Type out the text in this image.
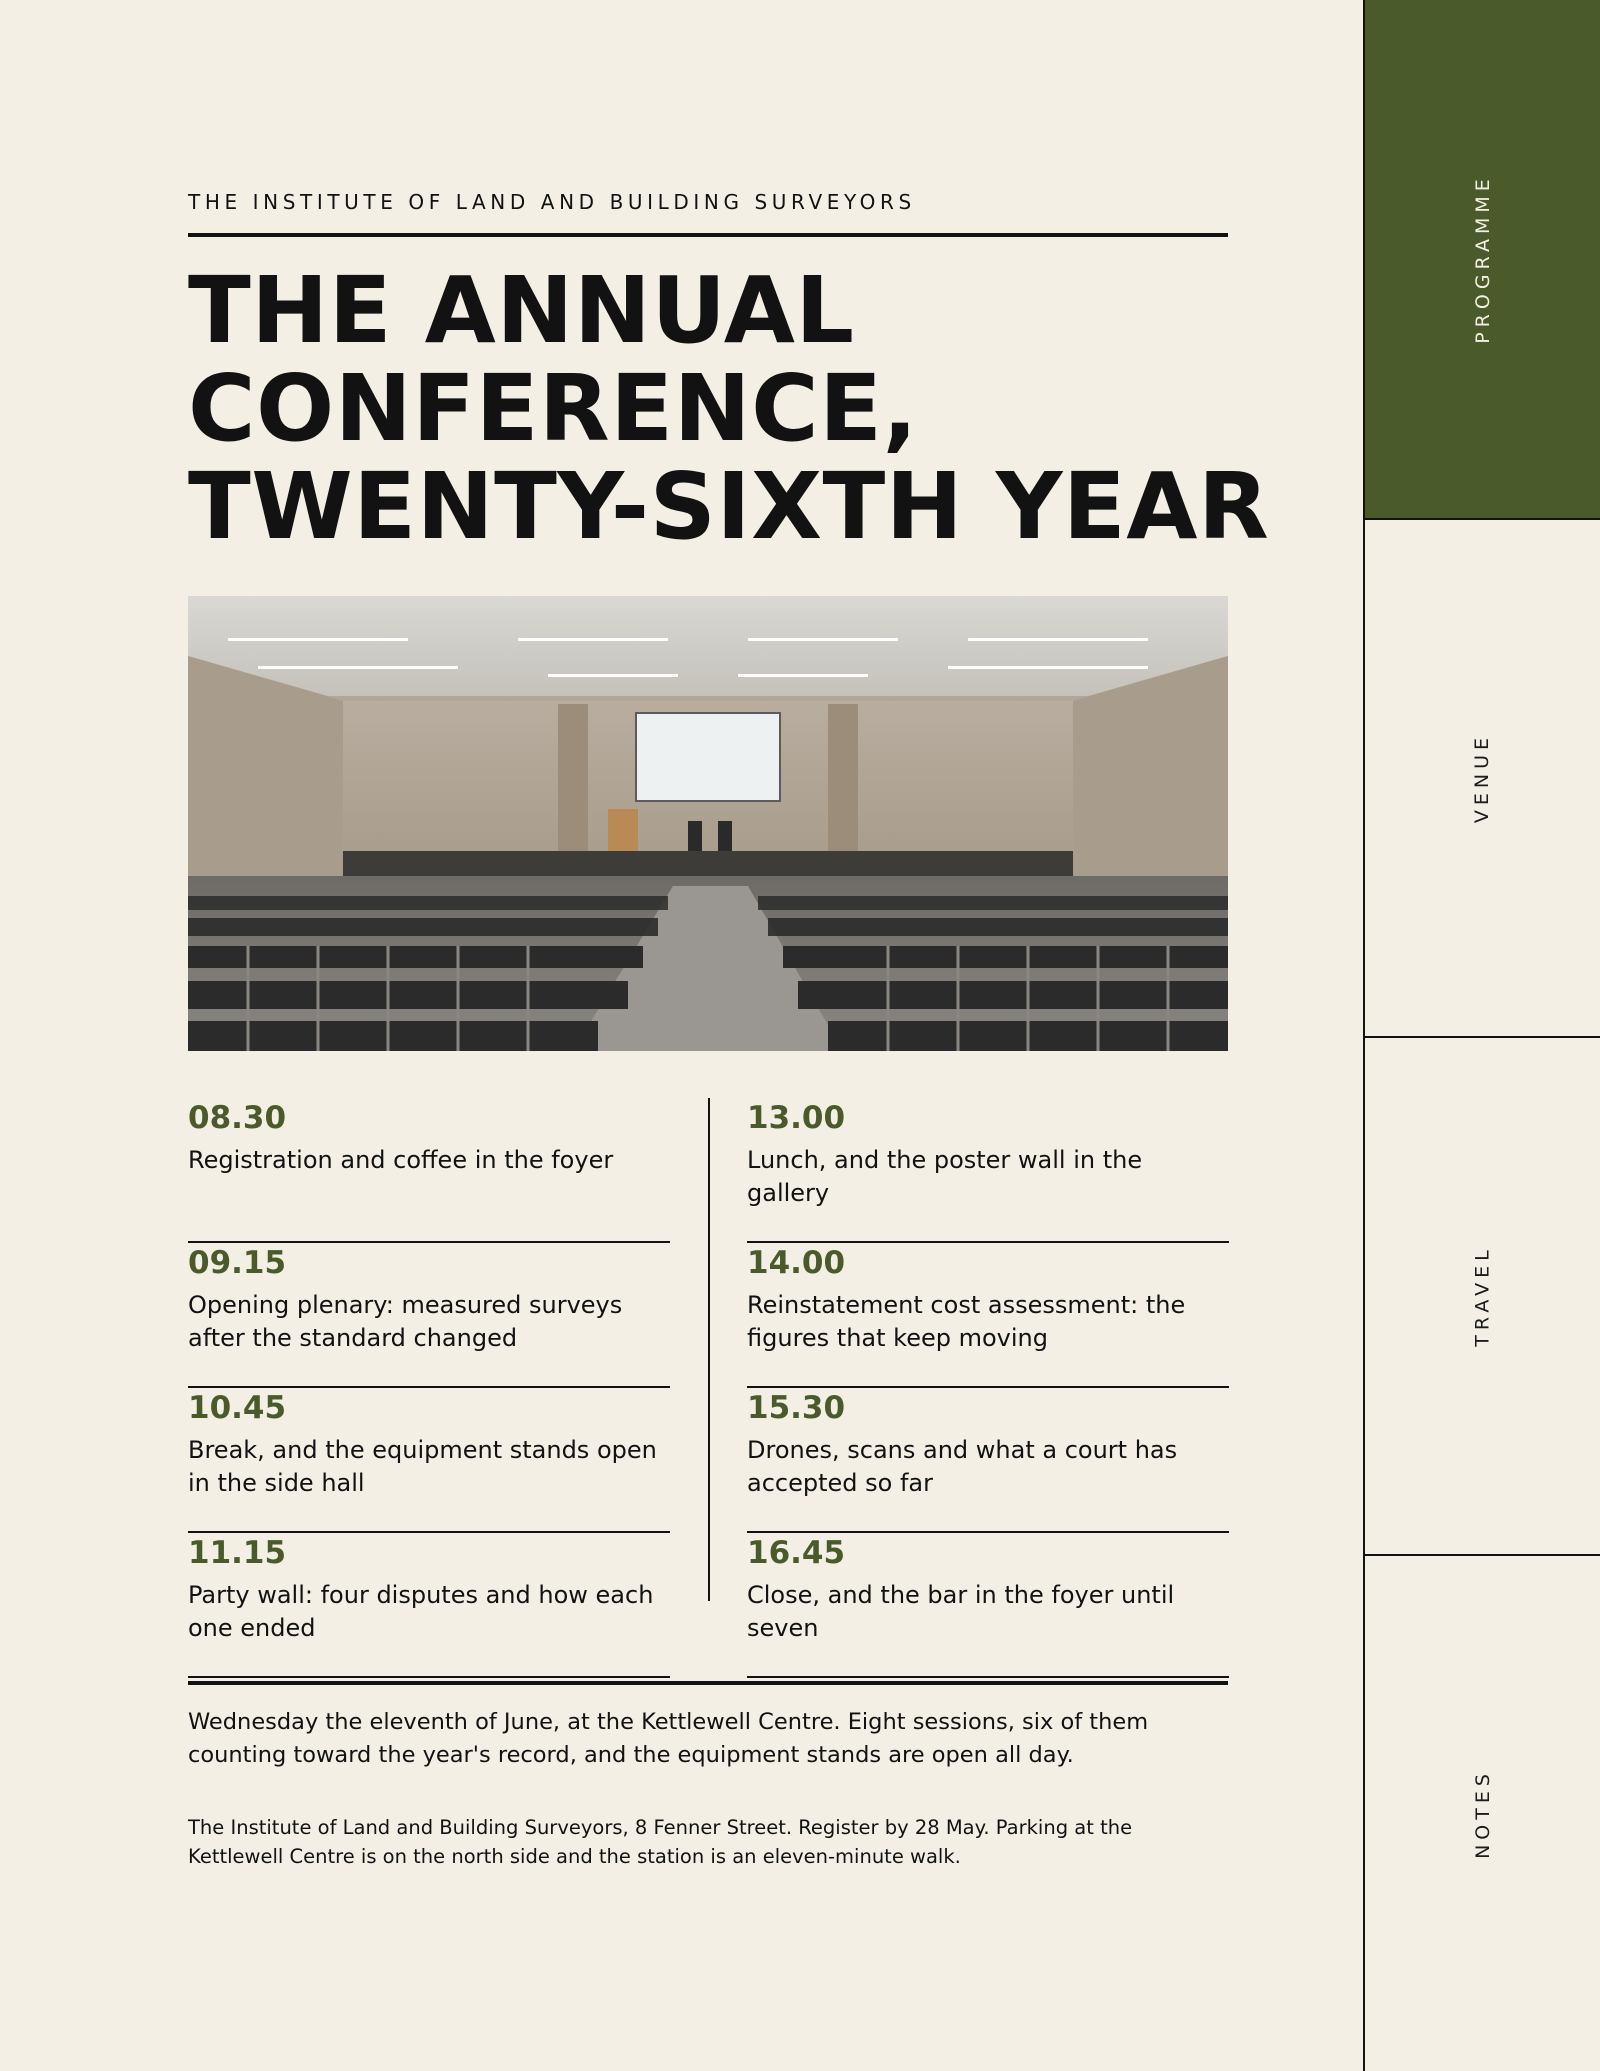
THE INSTITUTE OF LAND AND BUILDING SURVEYORS
THE ANNUAL
CONFERENCE,
TWENTY-SIXTH YEAR
08.30
Registration and coffee in the foyer
09.15
Opening plenary: measured surveys after the standard changed
10.45
Break, and the equipment stands open in the side hall
11.15
Party wall: four disputes and how each one ended
13.00
Lunch, and the poster wall in the gallery
14.00
Reinstatement cost assessment: the figures that keep moving
15.30
Drones, scans and what a court has accepted so far
16.45
Close, and the bar in the foyer until seven

Wednesday the eleventh of June, at the Kettlewell Centre. Eight sessions, six of them counting toward the year's record, and the equipment stands are open all day.

The Institute of Land and Building Surveyors, 8 Fenner Street. Register by 28 May. Parking at the Kettlewell Centre is on the north side and the station is an eleven-minute walk.

PROGRAMME
VENUE
TRAVEL
NOTES
